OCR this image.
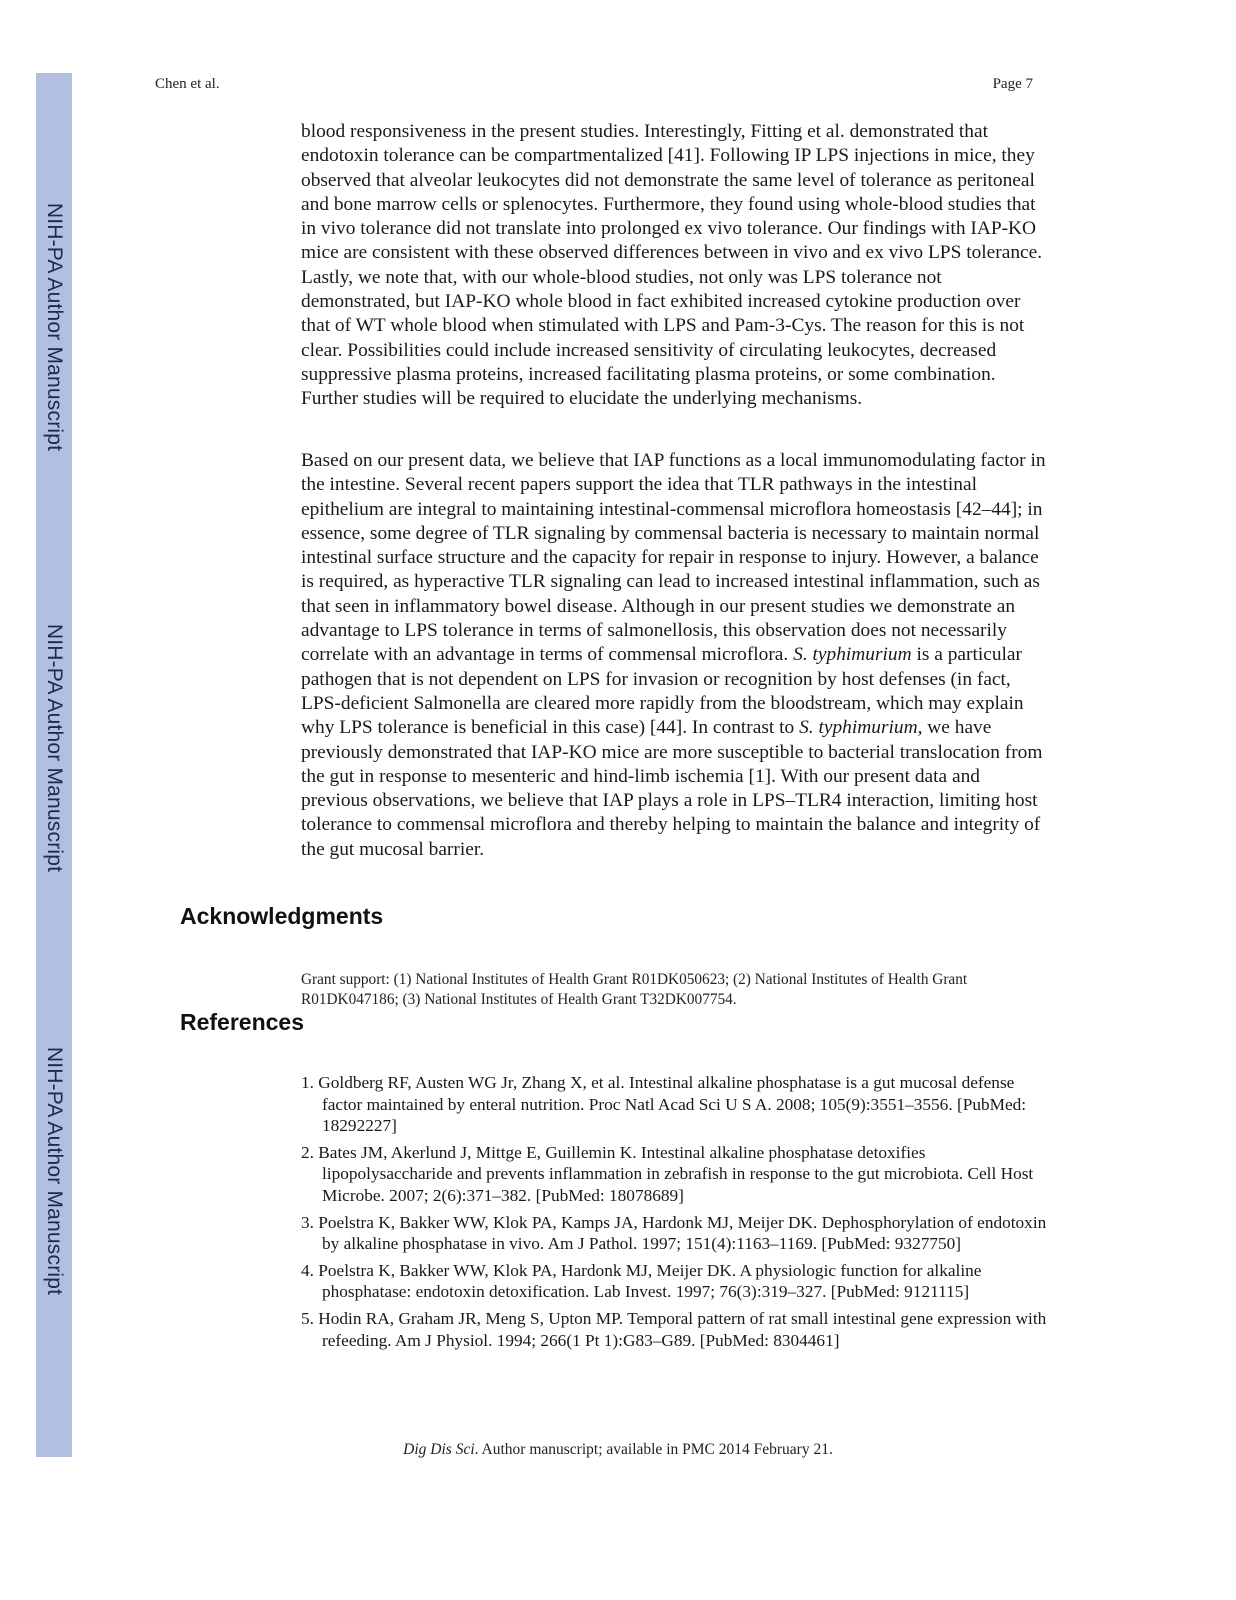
NIH-PA Author Manuscript
NIH-PA Author Manuscript
NIH-PA Author Manuscript
Chen et al.	Page 7

blood responsiveness in the present studies. Interestingly, Fitting et al. demonstrated that endotoxin tolerance can be compartmentalized [41]. Following IP LPS injections in mice, they observed that alveolar leukocytes did not demonstrate the same level of tolerance as peritoneal and bone marrow cells or splenocytes. Furthermore, they found using whole-blood studies that in vivo tolerance did not translate into prolonged ex vivo tolerance. Our findings with IAP-KO mice are consistent with these observed differences between in vivo and ex vivo LPS tolerance. Lastly, we note that, with our whole-blood studies, not only was LPS tolerance not demonstrated, but IAP-KO whole blood in fact exhibited increased cytokine production over that of WT whole blood when stimulated with LPS and Pam-3-Cys. The reason for this is not clear. Possibilities could include increased sensitivity of circulating leukocytes, decreased suppressive plasma proteins, increased facilitating plasma proteins, or some combination. Further studies will be required to elucidate the underlying mechanisms.

Based on our present data, we believe that IAP functions as a local immunomodulating factor in the intestine. Several recent papers support the idea that TLR pathways in the intestinal epithelium are integral to maintaining intestinal-commensal microflora homeostasis [42–44]; in essence, some degree of TLR signaling by commensal bacteria is necessary to maintain normal intestinal surface structure and the capacity for repair in response to injury. However, a balance is required, as hyperactive TLR signaling can lead to increased intestinal inflammation, such as that seen in inflammatory bowel disease. Although in our present studies we demonstrate an advantage to LPS tolerance in terms of salmonellosis, this observation does not necessarily correlate with an advantage in terms of commensal microflora. S. typhimurium is a particular pathogen that is not dependent on LPS for invasion or recognition by host defenses (in fact, LPS-deficient Salmonella are cleared more rapidly from the bloodstream, which may explain why LPS tolerance is beneficial in this case) [44]. In contrast to S. typhimurium, we have previously demonstrated that IAP-KO mice are more susceptible to bacterial translocation from the gut in response to mesenteric and hind-limb ischemia [1]. With our present data and previous observations, we believe that IAP plays a role in LPS–TLR4 interaction, limiting host tolerance to commensal microflora and thereby helping to maintain the balance and integrity of the gut mucosal barrier.

Acknowledgments

Grant support: (1) National Institutes of Health Grant R01DK050623; (2) National Institutes of Health Grant R01DK047186; (3) National Institutes of Health Grant T32DK007754.

References
1. Goldberg RF, Austen WG Jr, Zhang X, et al. Intestinal alkaline phosphatase is a gut mucosal defense factor maintained by enteral nutrition. Proc Natl Acad Sci U S A. 2008; 105(9):3551–3556. [PubMed: 18292227]
2. Bates JM, Akerlund J, Mittge E, Guillemin K. Intestinal alkaline phosphatase detoxifies lipopolysaccharide and prevents inflammation in zebrafish in response to the gut microbiota. Cell Host Microbe. 2007; 2(6):371–382. [PubMed: 18078689]
3. Poelstra K, Bakker WW, Klok PA, Kamps JA, Hardonk MJ, Meijer DK. Dephosphorylation of endotoxin by alkaline phosphatase in vivo. Am J Pathol. 1997; 151(4):1163–1169. [PubMed: 9327750]
4. Poelstra K, Bakker WW, Klok PA, Hardonk MJ, Meijer DK. A physiologic function for alkaline phosphatase: endotoxin detoxification. Lab Invest. 1997; 76(3):319–327. [PubMed: 9121115]
5. Hodin RA, Graham JR, Meng S, Upton MP. Temporal pattern of rat small intestinal gene expression with refeeding. Am J Physiol. 1994; 266(1 Pt 1):G83–G89. [PubMed: 8304461]
Dig Dis Sci. Author manuscript; available in PMC 2014 February 21.
